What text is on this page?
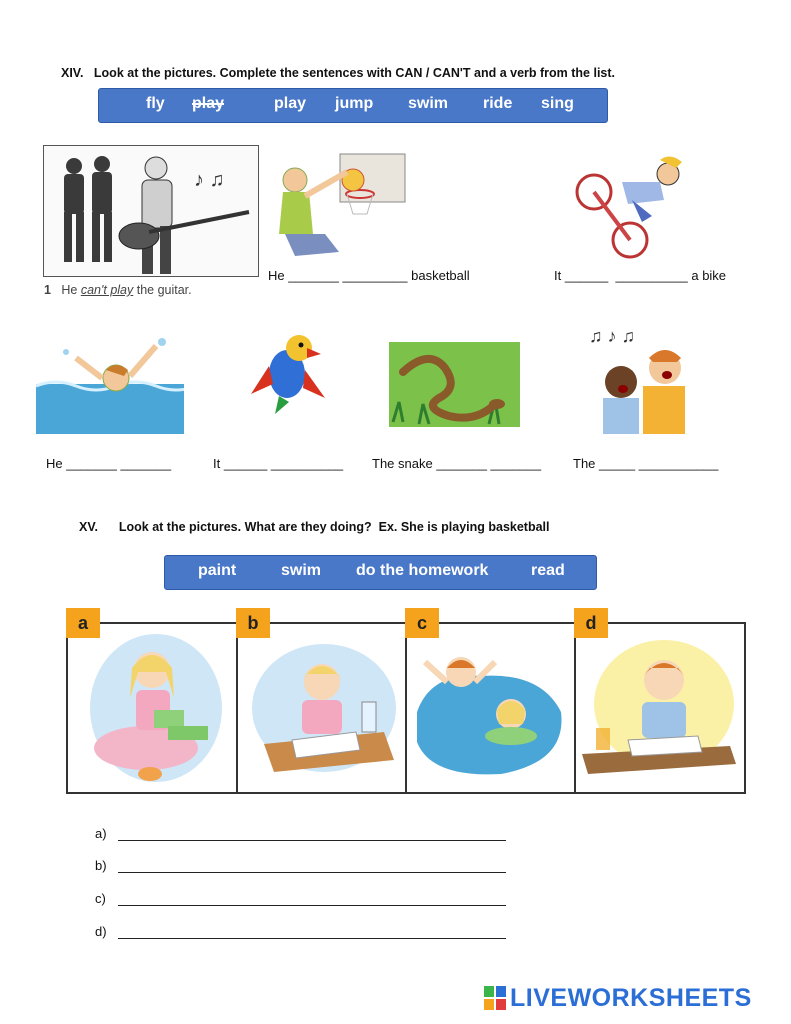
XIV. Look at the pictures. Complete the sentences with CAN / CAN'T and a verb from the list.
fly play	play jump swim ride sing
♪ ♫
1 He can't play the guitar.
He _______ _________ basketball	It ______  __________ a bike
He _______ _______	It ______ __________ The snake _______ _______
♫ ♪ ♫
The _____ ___________
XV. Look at the pictures. What are they doing?  Ex. She is playing basketball
paint	swim do the homework	read
a	b	c	d
a)
b)
c)
d)
LIVEWORKSHEETS
